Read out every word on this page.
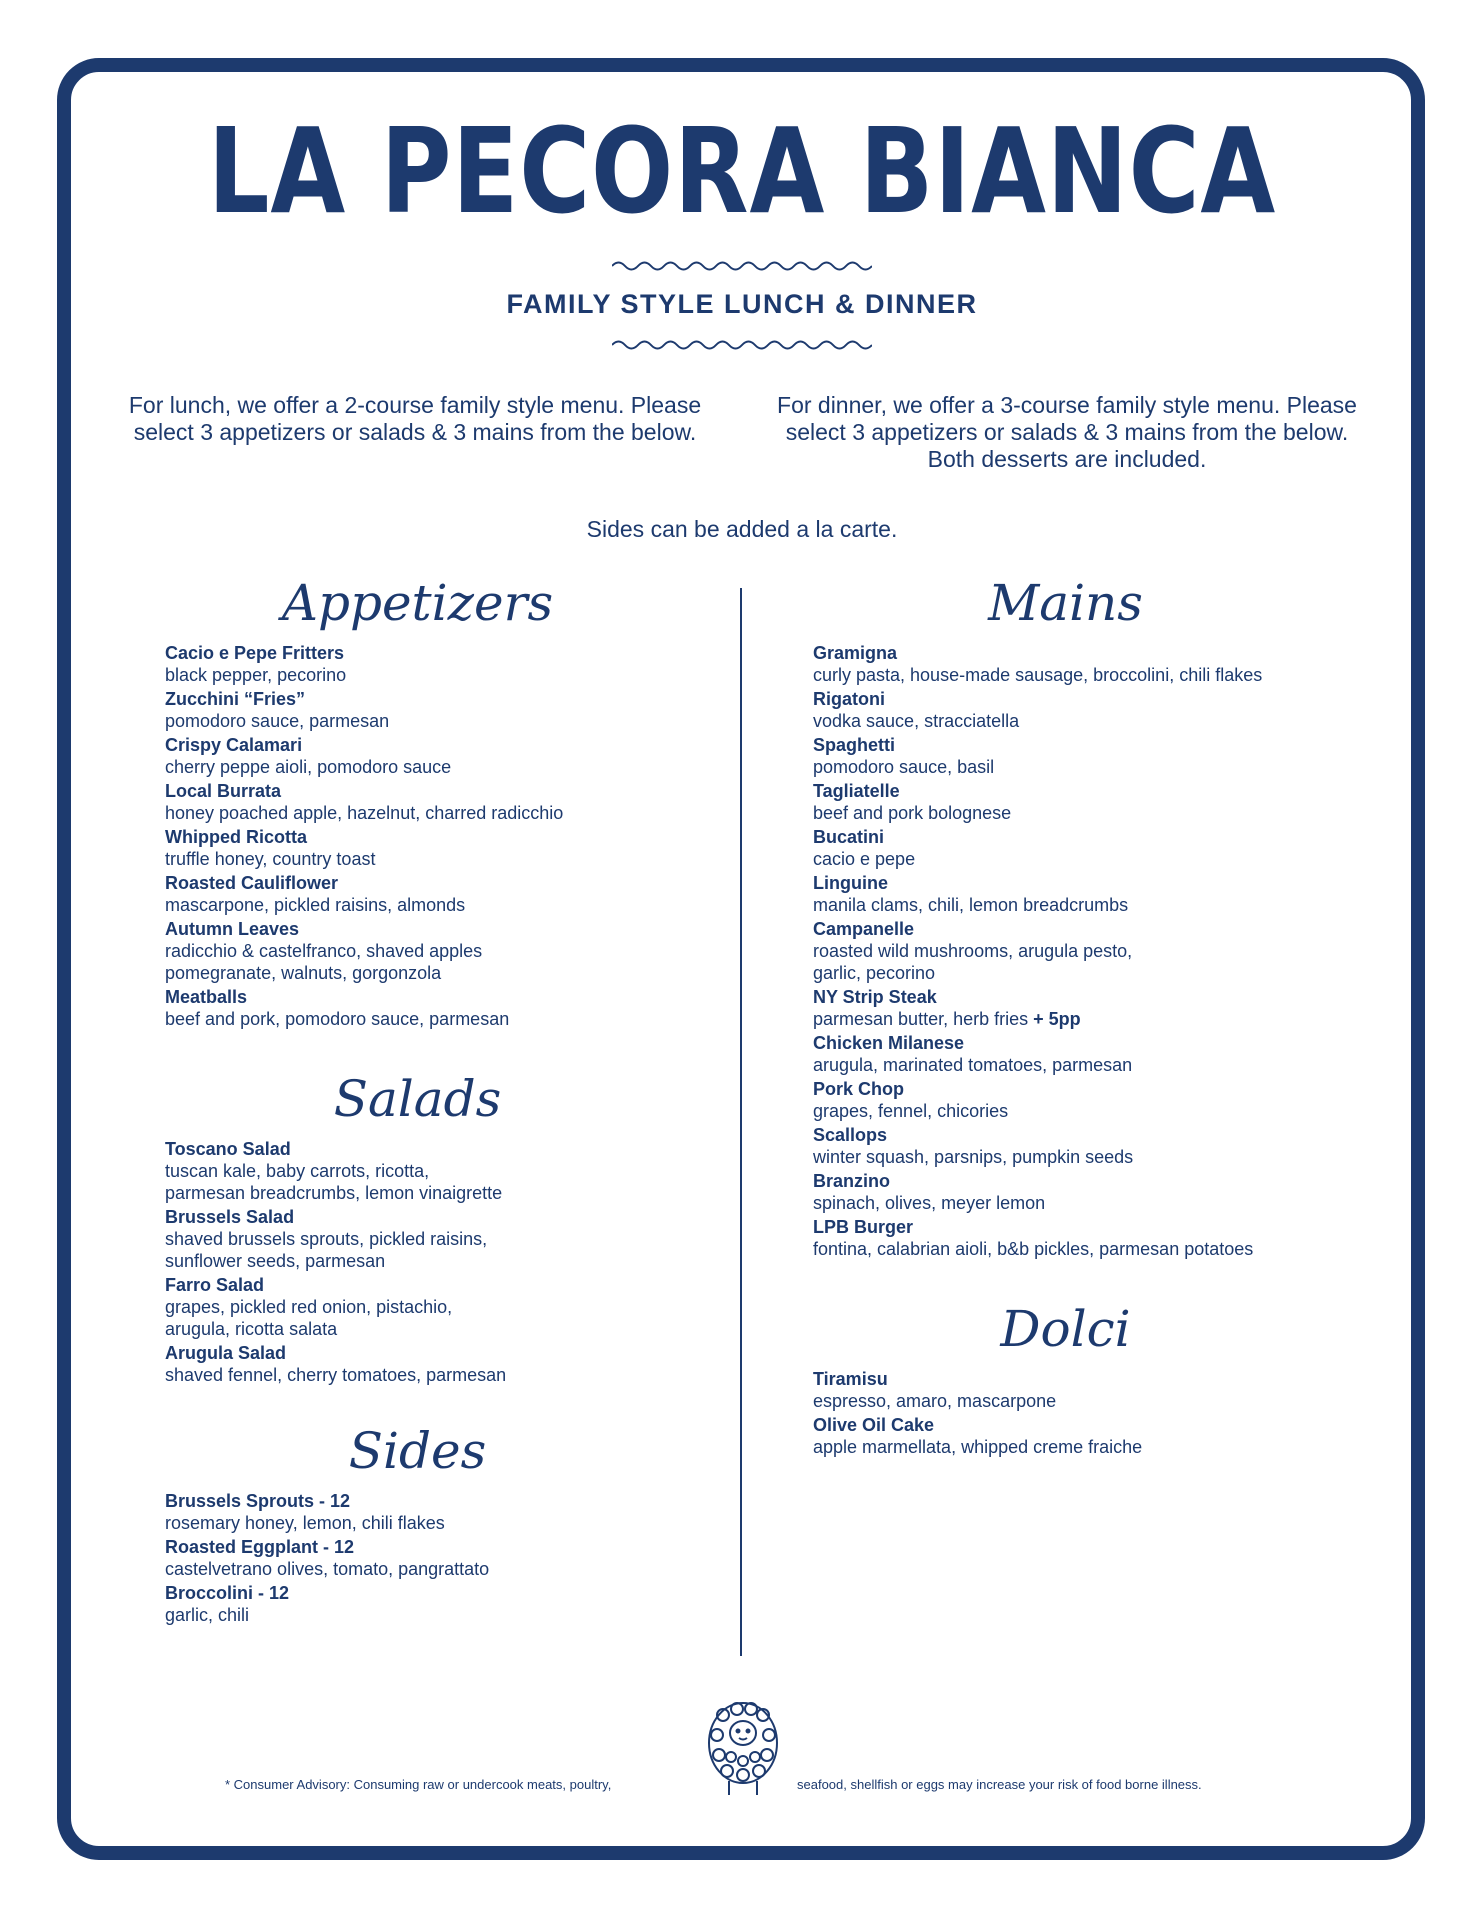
LA PECORA BIANCA
FAMILY STYLE LUNCH & DINNER
For lunch, we offer a 2-course family style menu. Please select 3 appetizers or salads & 3 mains from the below.
For dinner, we offer a 3-course family style menu. Please select 3 appetizers or salads & 3 mains from the below. Both desserts are included.
Sides can be added a la carte.
Appetizers
Cacio e Pepe Fritters
black pepper, pecorino
Zucchini “Fries”
pomodoro sauce, parmesan
Crispy Calamari
cherry peppe aioli, pomodoro sauce
Local Burrata
honey poached apple, hazelnut, charred radicchio
Whipped Ricotta
truffle honey, country toast
Roasted Cauliflower
mascarpone, pickled raisins, almonds
Autumn Leaves
radicchio & castelfranco, shaved apples
pomegranate, walnuts, gorgonzola
Meatballs
beef and pork, pomodoro sauce, parmesan
Salads
Toscano Salad
tuscan kale, baby carrots, ricotta,
parmesan breadcrumbs, lemon vinaigrette
Brussels Salad
shaved brussels sprouts, pickled raisins,
sunflower seeds, parmesan
Farro Salad
grapes, pickled red onion, pistachio,
arugula, ricotta salata
Arugula Salad
shaved fennel, cherry tomatoes, parmesan
Sides
Brussels Sprouts - 12
rosemary honey, lemon, chili flakes
Roasted Eggplant - 12
castelvetrano olives, tomato, pangrattato
Broccolini - 12
garlic, chili
Mains
Gramigna
curly pasta, house-made sausage, broccolini, chili flakes
Rigatoni
vodka sauce, stracciatella
Spaghetti
pomodoro sauce, basil
Tagliatelle
beef and pork bolognese
Bucatini
cacio e pepe
Linguine
manila clams, chili, lemon breadcrumbs
Campanelle
roasted wild mushrooms, arugula pesto,
garlic, pecorino
NY Strip Steak
parmesan butter, herb fries + 5pp
Chicken Milanese
arugula, marinated tomatoes, parmesan
Pork Chop
grapes, fennel, chicories
Scallops
winter squash, parsnips, pumpkin seeds
Branzino
spinach, olives, meyer lemon
LPB Burger
fontina, calabrian aioli, b&b pickles, parmesan potatoes
Dolci
Tiramisu
espresso, amaro, mascarpone
Olive Oil Cake
apple marmellata, whipped creme fraiche
* Consumer Advisory: Consuming raw or undercook meats, poultry,	seafood, shellfish or eggs may increase your risk of food borne illness.
